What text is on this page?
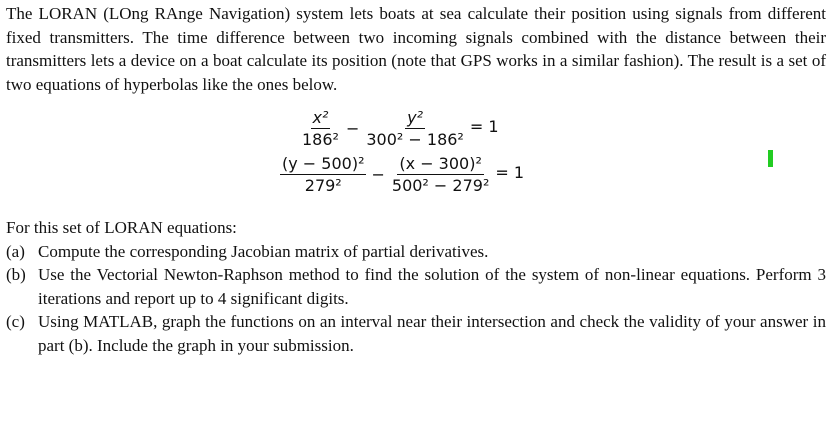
The LORAN (LOng RAnge Navigation) system lets boats at sea calculate their position using signals from different fixed transmitters. The time difference between two incoming signals combined with the distance between their transmitters lets a device on a boat calculate its position (note that GPS works in a similar fashion). The result is a set of two equations of hyperbolas like the ones below.

$\frac{\text{x²}}{\text{186²}} - \frac{\text{y²}}{\text{300² − 186²}} = 1$
$\frac{\text{(y − 500)²}}{\text{279²}} - \frac{\text{(x − 300)²}}{\text{500² − 279²}} = 1$
For this set of LORAN equations:
(a) Compute the corresponding Jacobian matrix of partial derivatives.
(b) Use the Vectorial Newton-Raphson method to find the solution of the system of non-linear equations. Perform 3 iterations and report up to 4 significant digits.
(c) Using MATLAB, graph the functions on an interval near their intersection and check the validity of your answer in part (b). Include the graph in your submission.
